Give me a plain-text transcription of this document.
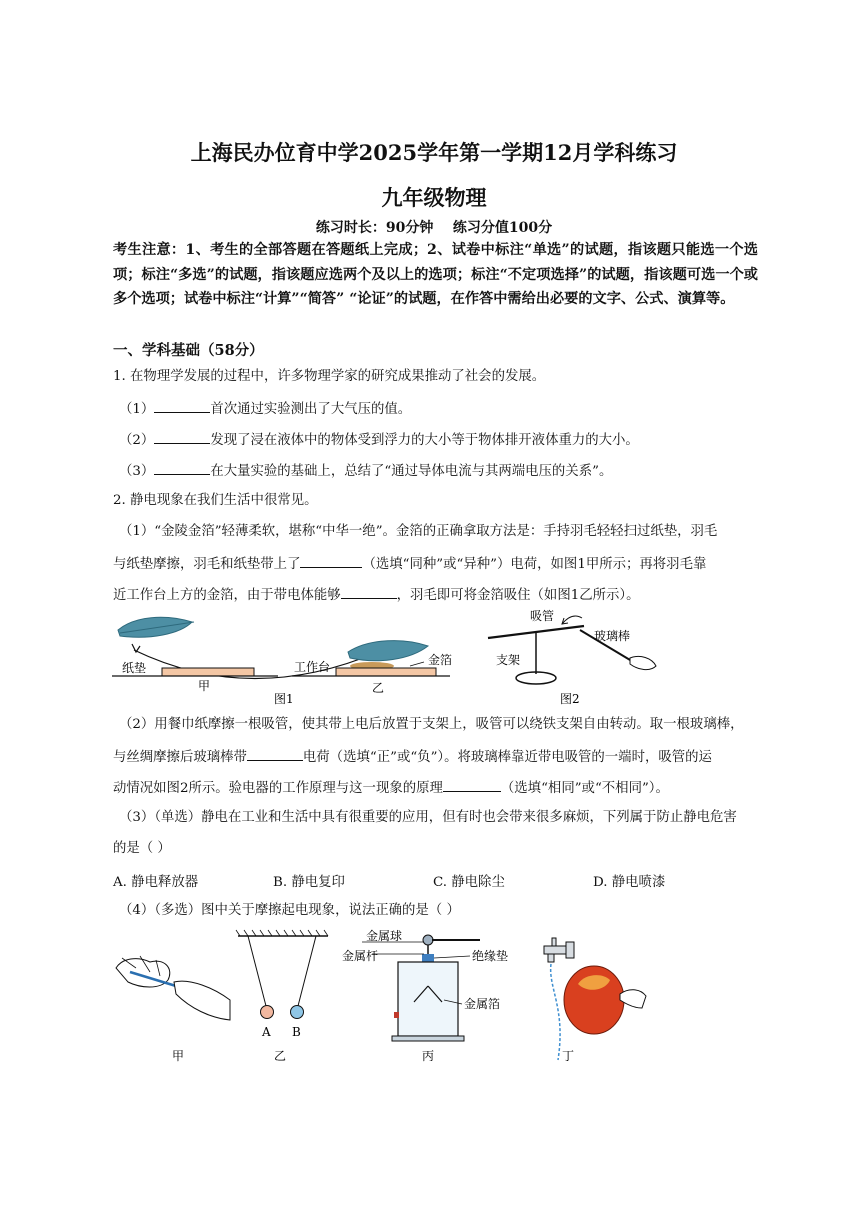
上海民办位育中学2025学年第一学期12月学科练习
九年级物理
练习时长：90分钟    练习分值100分
考生注意：1、考生的全部答题在答题纸上完成；2、试卷中标注“单选”的试题，指该题只能选一个选项；标注“多选”的试题，指该题应选两个及以上的选项；标注“不定项选择”的试题，指该题可选一个或多个选项；试卷中标注“计算”“简答” “论证”的试题，在作答中需给出必要的文字、公式、演算等。
一、学科基础（58分）
1. 在物理学发展的过程中，许多物理学家的研究成果推动了社会的发展。
（1）	首次通过实验测出了大气压的值。
（2）	发现了浸在液体中的物体受到浮力的大小等于物体排开液体重力的大小。
（3）	在大量实验的基础上，总结了“通过导体电流与其两端电压的关系”。
2. 静电现象在我们生活中很常见。
（1）“金陵金箔”轻薄柔软，堪称“中华一绝”。金箔的正确拿取方法是：手持羽毛轻轻扫过纸垫，羽毛
与纸垫摩擦，羽毛和纸垫带上了	（选填“同种”或“异种”）电荷，如图1甲所示；再将羽毛靠
近工作台上方的金箔，由于带电体能够	，羽毛即可将金箔吸住（如图1乙所示）。
纸垫
甲
工作台	金箔
乙
图1
吸管
玻璃棒
支架
图2
（2）用餐巾纸摩擦一根吸管，使其带上电后放置于支架上，吸管可以绕铁支架自由转动。取一根玻璃棒，
与丝绸摩擦后玻璃棒带	电荷（选填“正”或“负”）。将玻璃棒靠近带电吸管的一端时，吸管的运
动情况如图2所示。验电器的工作原理与这一现象的原理	（选填“相同”或“不相同”）。
（3）（单选）静电在工业和生活中具有很重要的应用，但有时也会带来很多麻烦，下列属于防止静电危害
的是（ ）
A. 静电释放器	B. 静电复印	C. 静电除尘	D. 静电喷漆
（4）（多选）图中关于摩擦起电现象，说法正确的是（ ）
甲
A B
乙
金属球
金属杆	绝缘垫
金属箔
丙	丁
